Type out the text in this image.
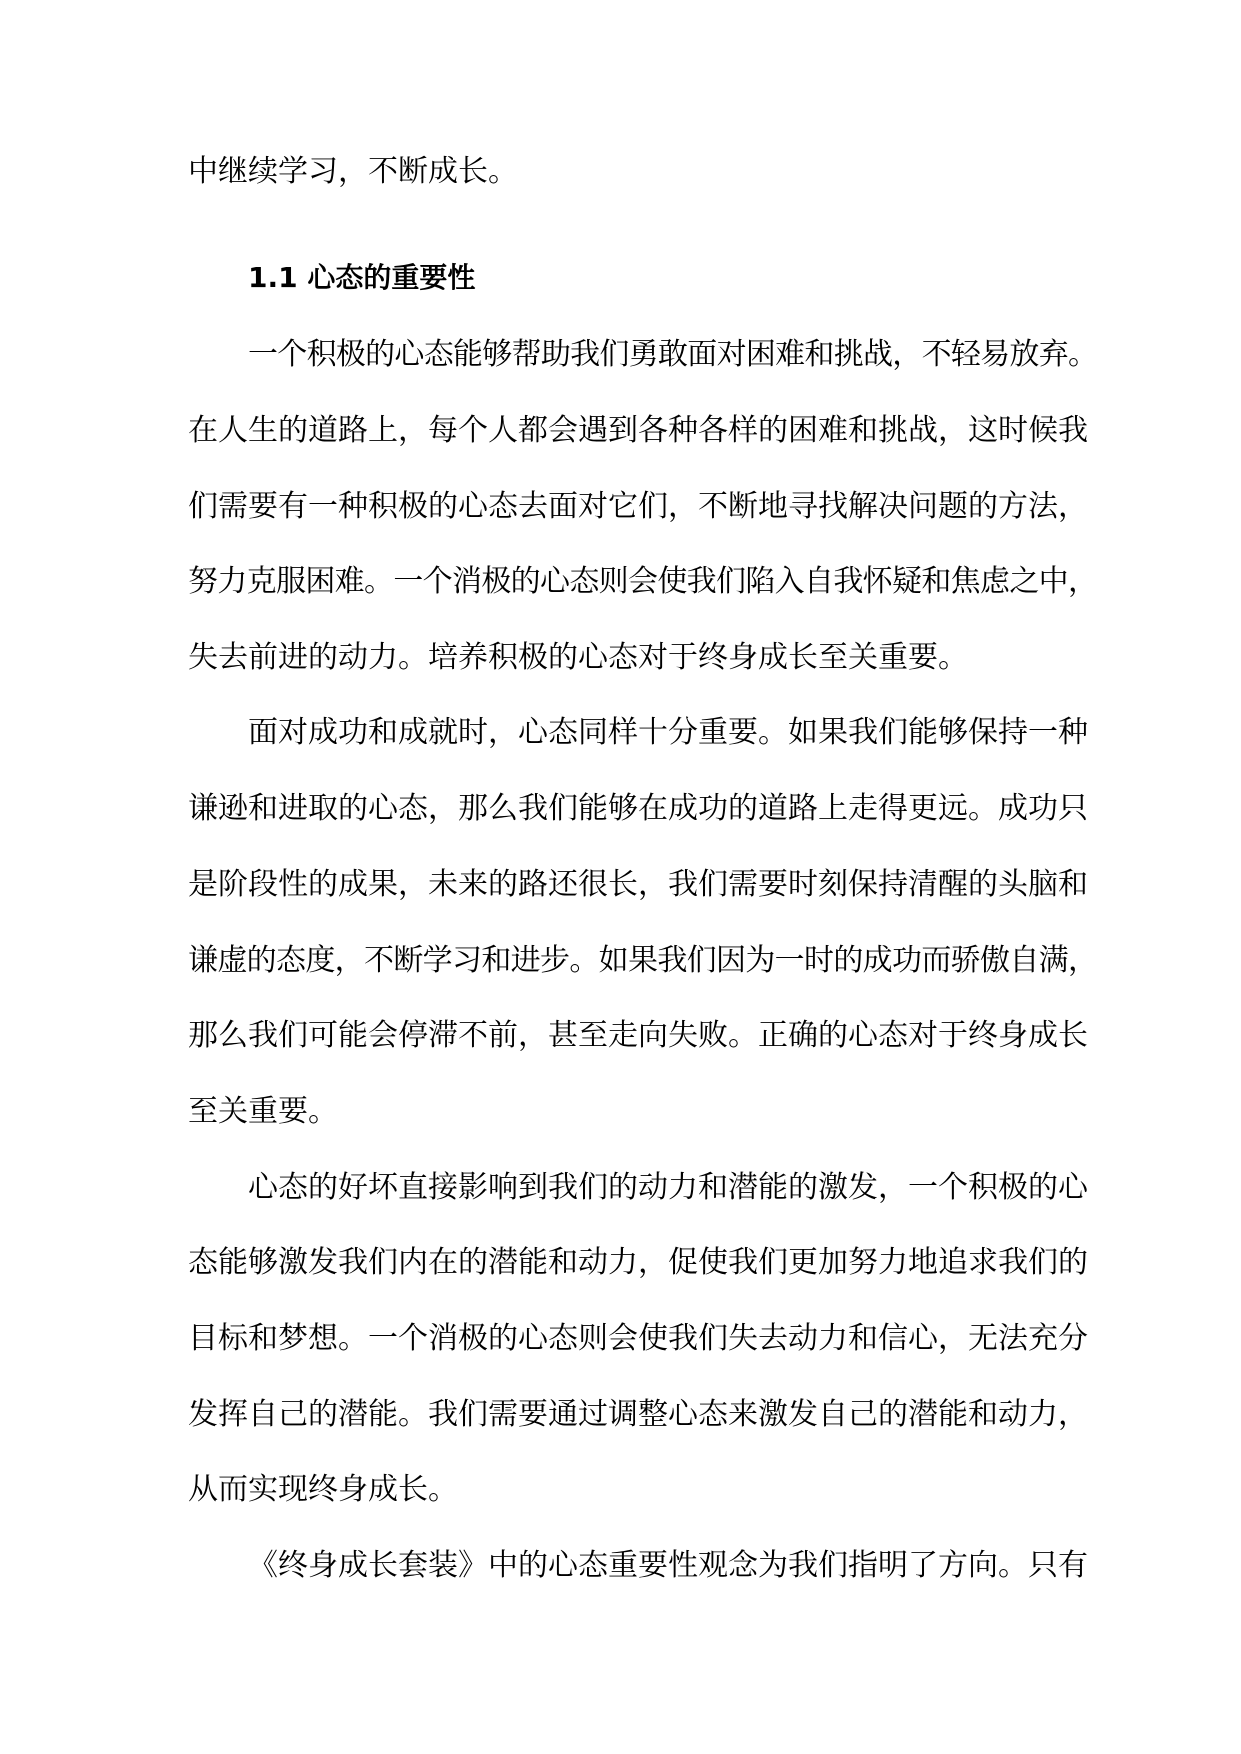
中继续学习，不断成长。

1.1 心态的重要性

一个积极的心态能够帮助我们勇敢面对困难和挑战，不轻易放弃。

在人生的道路上，每个人都会遇到各种各样的困难和挑战，这时候我

们需要有一种积极的心态去面对它们，不断地寻找解决问题的方法，

努力克服困难。一个消极的心态则会使我们陷入自我怀疑和焦虑之中，

失去前进的动力。培养积极的心态对于终身成长至关重要。

面对成功和成就时，心态同样十分重要。如果我们能够保持一种

谦逊和进取的心态，那么我们能够在成功的道路上走得更远。成功只

是阶段性的成果，未来的路还很长，我们需要时刻保持清醒的头脑和

谦虚的态度，不断学习和进步。如果我们因为一时的成功而骄傲自满，

那么我们可能会停滞不前，甚至走向失败。正确的心态对于终身成长

至关重要。

心态的好坏直接影响到我们的动力和潜能的激发，一个积极的心

态能够激发我们内在的潜能和动力，促使我们更加努力地追求我们的

目标和梦想。一个消极的心态则会使我们失去动力和信心，无法充分

发挥自己的潜能。我们需要通过调整心态来激发自己的潜能和动力，

从而实现终身成长。

《终身成长套装》中的心态重要性观念为我们指明了方向。只有
